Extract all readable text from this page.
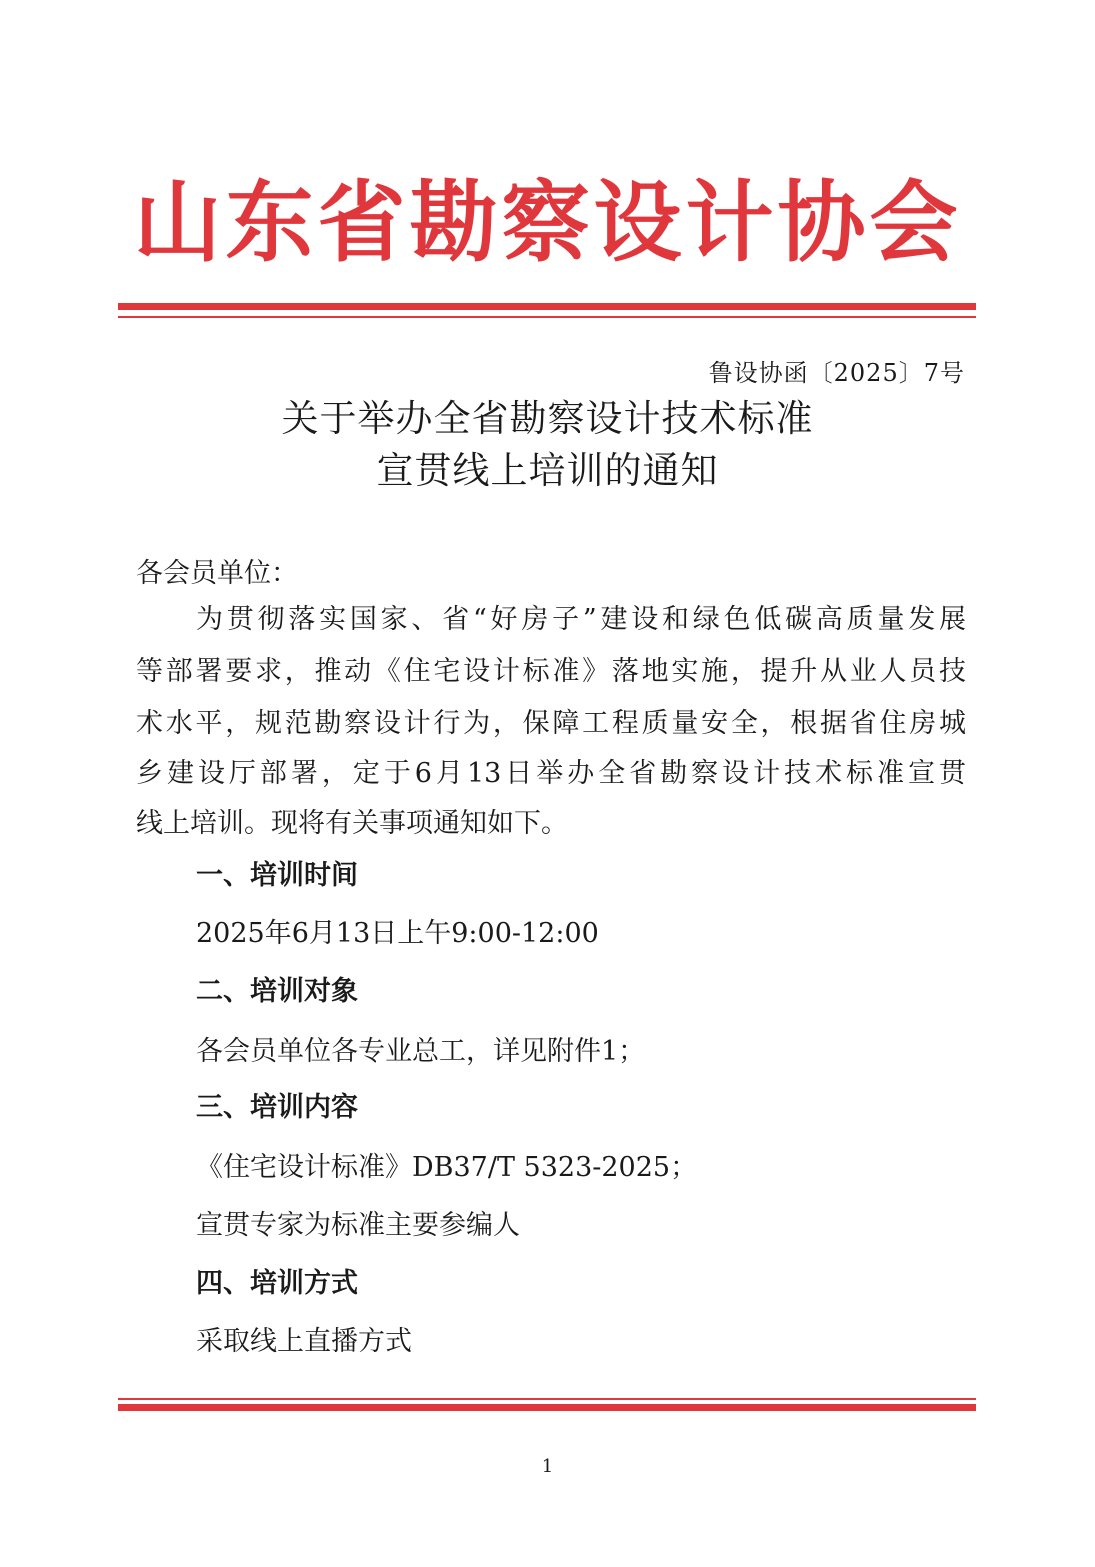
山东省勘察设计协会
鲁设协函〔2025〕7号
关于举办全省勘察设计技术标准
宣贯线上培训的通知
各会员单位：
为贯彻落实国家、省“好房子”建设和绿色低碳高质量发展
等部署要求，推动《住宅设计标准》落地实施，提升从业人员技
术水平，规范勘察设计行为，保障工程质量安全，根据省住房城
乡建设厅部署，定于6月13日举办全省勘察设计技术标准宣贯
线上培训。现将有关事项通知如下。
一、培训时间
2025年6月13日上午9:00-12:00
二、培训对象
各会员单位各专业总工，详见附件1；
三、培训内容
《住宅设计标准》DB37/T 5323-2025；
宣贯专家为标准主要参编人
四、培训方式
采取线上直播方式
1
